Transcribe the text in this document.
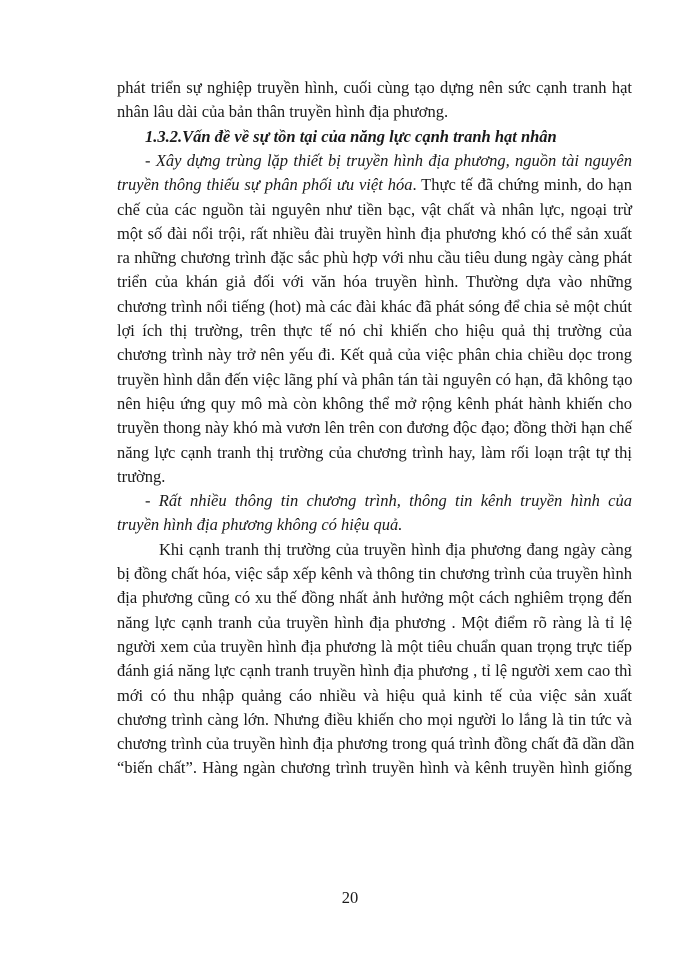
phát triển sự nghiệp truyền hình, cuối cùng tạo dựng nên sức cạnh tranh hạt
nhân lâu dài của bản thân truyền hình địa phương.
1.3.2.Vấn đề về sự tồn tại của năng lực cạnh tranh hạt nhân
- Xây dựng trùng lặp thiết bị truyền hình địa phương, nguồn tài nguyên
truyền thông thiếu sự phân phối ưu việt hóa. Thực tế đã chứng minh, do hạn
chế của các nguồn tài nguyên như tiền bạc, vật chất và nhân lực, ngoại trừ
một số đài nổi trội, rất nhiều đài truyền hình địa phương khó có thể sản xuất
ra những chương trình đặc sắc phù hợp với nhu cầu tiêu dung ngày càng phát
triển của khán giả đối với văn hóa truyền hình. Thường dựa vào những
chương trình nổi tiếng (hot) mà các đài khác đã phát sóng để chia sẻ một chút
lợi ích thị trường, trên thực tế nó chỉ khiến cho hiệu quả thị trường của
chương trình này trở nên yếu đi. Kết quả của việc phân chia chiều dọc trong
truyền hình dẫn đến việc lãng phí và phân tán tài nguyên có hạn, đã không tạo
nên hiệu ứng quy mô mà còn không thể mở rộng kênh phát hành khiến cho
truyền thong này khó mà vươn lên trên con đương độc đạo; đồng thời hạn chế
năng lực cạnh tranh thị trường của chương trình hay, làm rối loạn trật tự thị
trường.
- Rất nhiều thông tin chương trình, thông tin kênh truyền hình của
truyền hình địa phương không có hiệu quả.
Khi cạnh tranh thị trường của truyền hình địa phương đang ngày càng
bị đồng chất hóa, việc sắp xếp kênh và thông tin chương trình của truyền hình
địa phương cũng có xu thế đồng nhất ảnh hưởng một cách nghiêm trọng đến
năng lực cạnh tranh của truyền hình địa phương . Một điểm rõ ràng là tỉ lệ
người xem của truyền hình địa phương là một tiêu chuẩn quan trọng trực tiếp
đánh giá năng lực cạnh tranh truyền hình địa phương , tỉ lệ người xem cao thì
mới có thu nhập quảng cáo nhiều và hiệu quả kinh tế của việc sản xuất
chương trình càng lớn. Nhưng điều khiến cho mọi người lo lắng là tin tức và
chương trình của truyền hình địa phương trong quá trình đồng chất đã dần dần
“biến chất”. Hàng ngàn chương trình truyền hình và kênh truyền hình giống
20
